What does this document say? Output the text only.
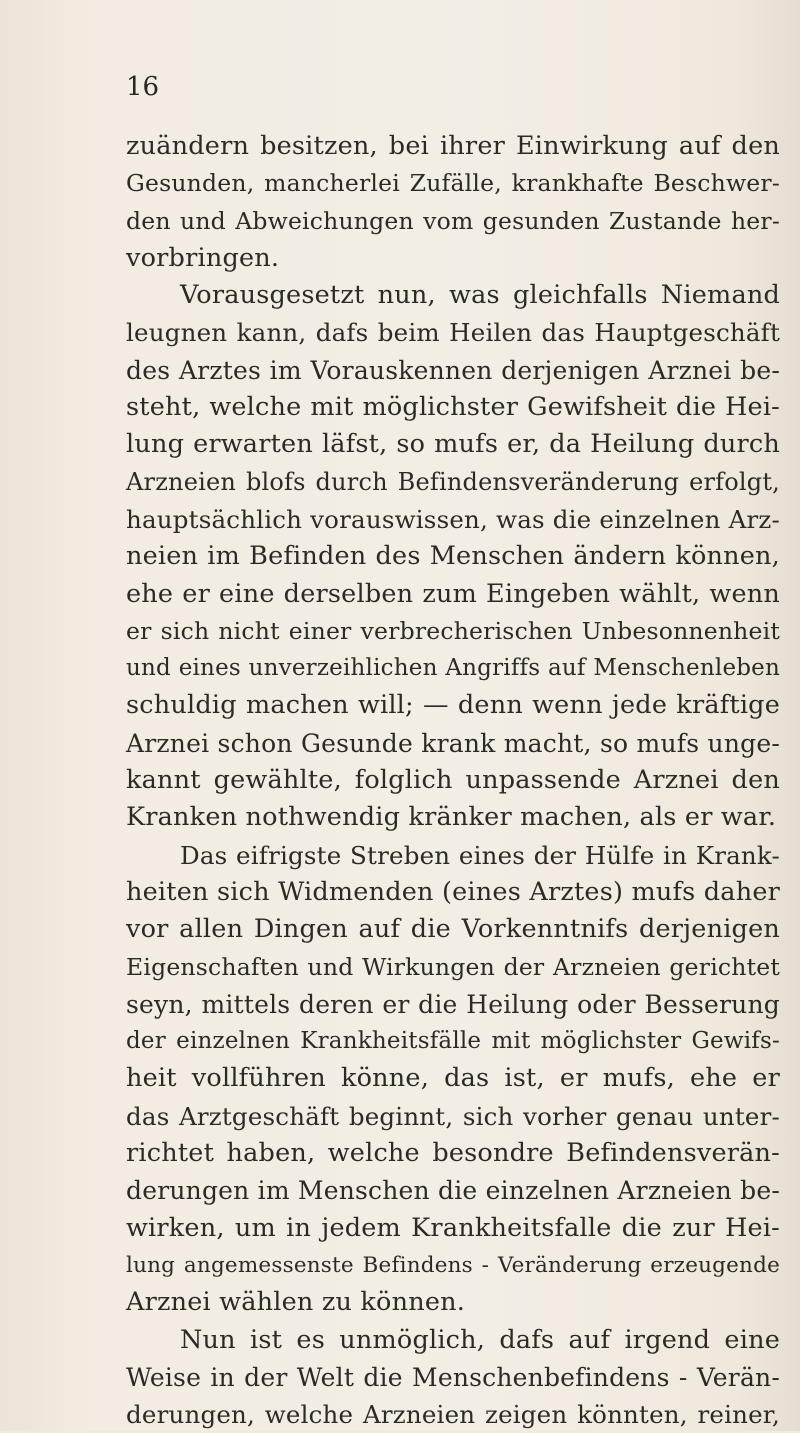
16
zuändern besitzen, bei ihrer Einwirkung auf den
Gesunden, mancherlei Zufälle, krankhafte Beschwer-
den und Abweichungen vom gesunden Zustande her-
vorbringen.
Vorausgesetzt nun, was gleichfalls Niemand
leugnen kann, dafs beim Heilen das Hauptgeschäft
des Arztes im Vorauskennen derjenigen Arznei be-
steht, welche mit möglichster Gewifsheit die Hei-
lung erwarten läfst, so mufs er, da Heilung durch
Arzneien blofs durch Befindensveränderung erfolgt,
hauptsächlich vorauswissen, was die einzelnen Arz-
neien im Befinden des Menschen ändern können,
ehe er eine derselben zum Eingeben wählt, wenn
er sich nicht einer verbrecherischen Unbesonnenheit
und eines unverzeihlichen Angriffs auf Menschenleben
schuldig machen will; — denn wenn jede kräftige
Arznei schon Gesunde krank macht, so mufs unge-
kannt gewählte, folglich unpassende Arznei den
Kranken nothwendig kränker machen, als er war.
Das eifrigste Streben eines der Hülfe in Krank-
heiten sich Widmenden (eines Arztes) mufs daher
vor allen Dingen auf die Vorkenntnifs derjenigen
Eigenschaften und Wirkungen der Arzneien gerichtet
seyn, mittels deren er die Heilung oder Besserung
der einzelnen Krankheitsfälle mit möglichster Gewifs-
heit vollführen könne, das ist, er mufs, ehe er
das Arztgeschäft beginnt, sich vorher genau unter-
richtet haben, welche besondre Befindensverän-
derungen im Menschen die einzelnen Arzneien be-
wirken, um in jedem Krankheitsfalle die zur Hei-
lung angemessenste Befindens - Veränderung erzeugende
Arznei wählen zu können.
Nun ist es unmöglich, dafs auf irgend eine
Weise in der Welt die Menschenbefindens - Verän-
derungen, welche Arzneien zeigen könnten, reiner,
